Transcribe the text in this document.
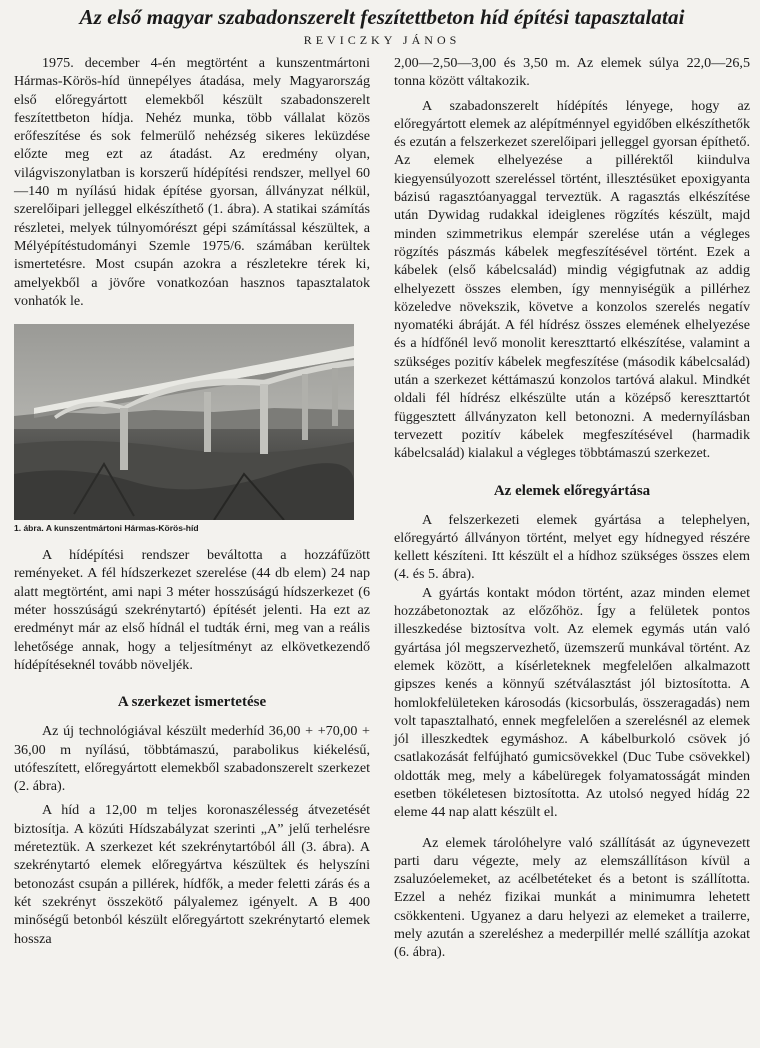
Az első magyar szabadonszerelt feszítettbeton híd építési tapasztalatai
REVICZKY JÁNOS

1975. december 4-én megtörtént a kunszentmártoni Hármas-Körös-híd ünnepélyes átadása, mely Magyarország első előregyártott elemekből készült szabadonszerelt feszítettbeton hídja. Nehéz munka, több vállalat közös erőfeszítése és sok felmerülő nehézség sikeres leküzdése előzte meg ezt az átadást. Az eredmény olyan, világviszonylatban is korszerű hídépítési rendszer, mellyel 60—140 m nyílású hidak építése gyorsan, állványzat nélkül, szerelőipari jelleggel elkészíthető (1. ábra). A statikai számítás részletei, melyek túlnyomórészt gépi számítással készültek, a Mélyépítéstudományi Szemle 1975/6. számában kerültek ismertetésre. Most csupán azokra a részletekre térek ki, amelyekből a jövőre vonatkozóan hasznos tapasztalatok vonhatók le.

1. ábra. A kunszentmártoni Hármas-Körös-híd

A hídépítési rendszer beváltotta a hozzáfűzött reményeket. A fél hídszerkezet szerelése (44 db elem) 24 nap alatt megtörtént, ami napi 3 méter hosszúságú hídszerkezet (6 méter hosszúságú szekrénytartó) építését jelenti. Ha ezt az eredményt már az első hídnál el tudták érni, meg van a reális lehetősége annak, hogy a teljesítményt az elkövetkezendő hídépítéseknél tovább növeljék.

A szerkezet ismertetése

Az új technológiával készült mederhíd 36,00 + +70,00 + 36,00 m nyílású, többtámaszú, parabolikus kiékelésű, utófeszített, előregyártott elemekből szabadonszerelt szerkezet (2. ábra).

A híd a 12,00 m teljes koronaszélesség átvezetését biztosítja. A közúti Hídszabályzat szerinti „A” jelű terhelésre méreteztük. A szerkezet két szekrénytartóból áll (3. ábra). A szekrénytartó elemek előregyártva készültek és helyszíni betonozást csupán a pillérek, hídfők, a meder feletti zárás és a két szekrényt összekötő pályalemez igényelt. A B 400 minőségű betonból készült előregyártott szekrénytartó elemek hossza

2,00—2,50—3,00 és 3,50 m. Az elemek súlya 22,0—26,5 tonna között váltakozik.

A szabadonszerelt hídépítés lényege, hogy az előregyártott elemek az alépítménnyel egyidőben elkészíthetők és ezután a felszerkezet szerelőipari jelleggel gyorsan építhető. Az elemek elhelyezése a pillérektől kiindulva kiegyensúlyozott szereléssel történt, illesztésüket epoxigyanta bázisú ragasztóanyaggal terveztük. A ragasztás elkészítése után Dywidag rudakkal ideiglenes rögzítés készült, majd minden szimmetrikus elempár szerelése után a végleges rögzítés pászmás kábelek megfeszítésével történt. Ezek a kábelek (első kábelcsalád) mindig végigfutnak az addig elhelyezett összes elemben, így mennyiségük a pillérhez közeledve növekszik, követve a konzolos szerelés negatív nyomatéki ábráját. A fél hídrész összes elemének elhelyezése és a hídfőnél levő monolit kereszttartó elkészítése, valamint a szükséges pozitív kábelek megfeszítése (második kábelcsalád) után a szerkezet kéttámaszú konzolos tartóvá alakul. Mindkét oldali fél hídrész elkészülte után a középső kereszttartót függesztett állványzaton kell betonozni. A medernyílásban tervezett pozitív kábelek megfeszítésével (harmadik kábelcsalád) kialakul a végleges többtámaszú szerkezet.

Az elemek előregyártása

A felszerkezeti elemek gyártása a telephelyen, előregyártó állványon történt, melyet egy hídnegyed részére kellett készíteni. Itt készült el a hídhoz szükséges összes elem (4. és 5. ábra).

A gyártás kontakt módon történt, azaz minden elemet hozzábetonoztak az előzőhöz. Így a felületek pontos illeszkedése biztosítva volt. Az elemek egymás után való gyártása jól megszervezhető, üzemszerű munkával történt. Az elemek között, a kísérleteknek megfelelően alkalmazott gipszes kenés a könnyű szétválasztást jól biztosította. A homlokfelületeken károsodás (kicsorbulás, összeragadás) nem volt tapasztalható, ennek megfelelően a szerelésnél az elemek jól illeszkedtek egymáshoz. A kábelburkoló csövek jó csatlakozását felfújható gumicsövekkel (Duc Tube csövekkel) oldották meg, mely a kábelüregek folyamatosságát minden esetben tökéletesen biztosította. Az utolsó negyed hídág 22 eleme 44 nap alatt készült el.

Az elemek tárolóhelyre való szállítását az úgynevezett parti daru végezte, mely az elemszállításon kívül a zsaluzóelemeket, az acélbetéteket és a betont is szállította. Ezzel a nehéz fizikai munkát a minimumra lehetett csökkenteni. Ugyanez a daru helyezi az elemeket a trailerre, mely azután a szereléshez a mederpillér mellé szállítja azokat (6. ábra).
